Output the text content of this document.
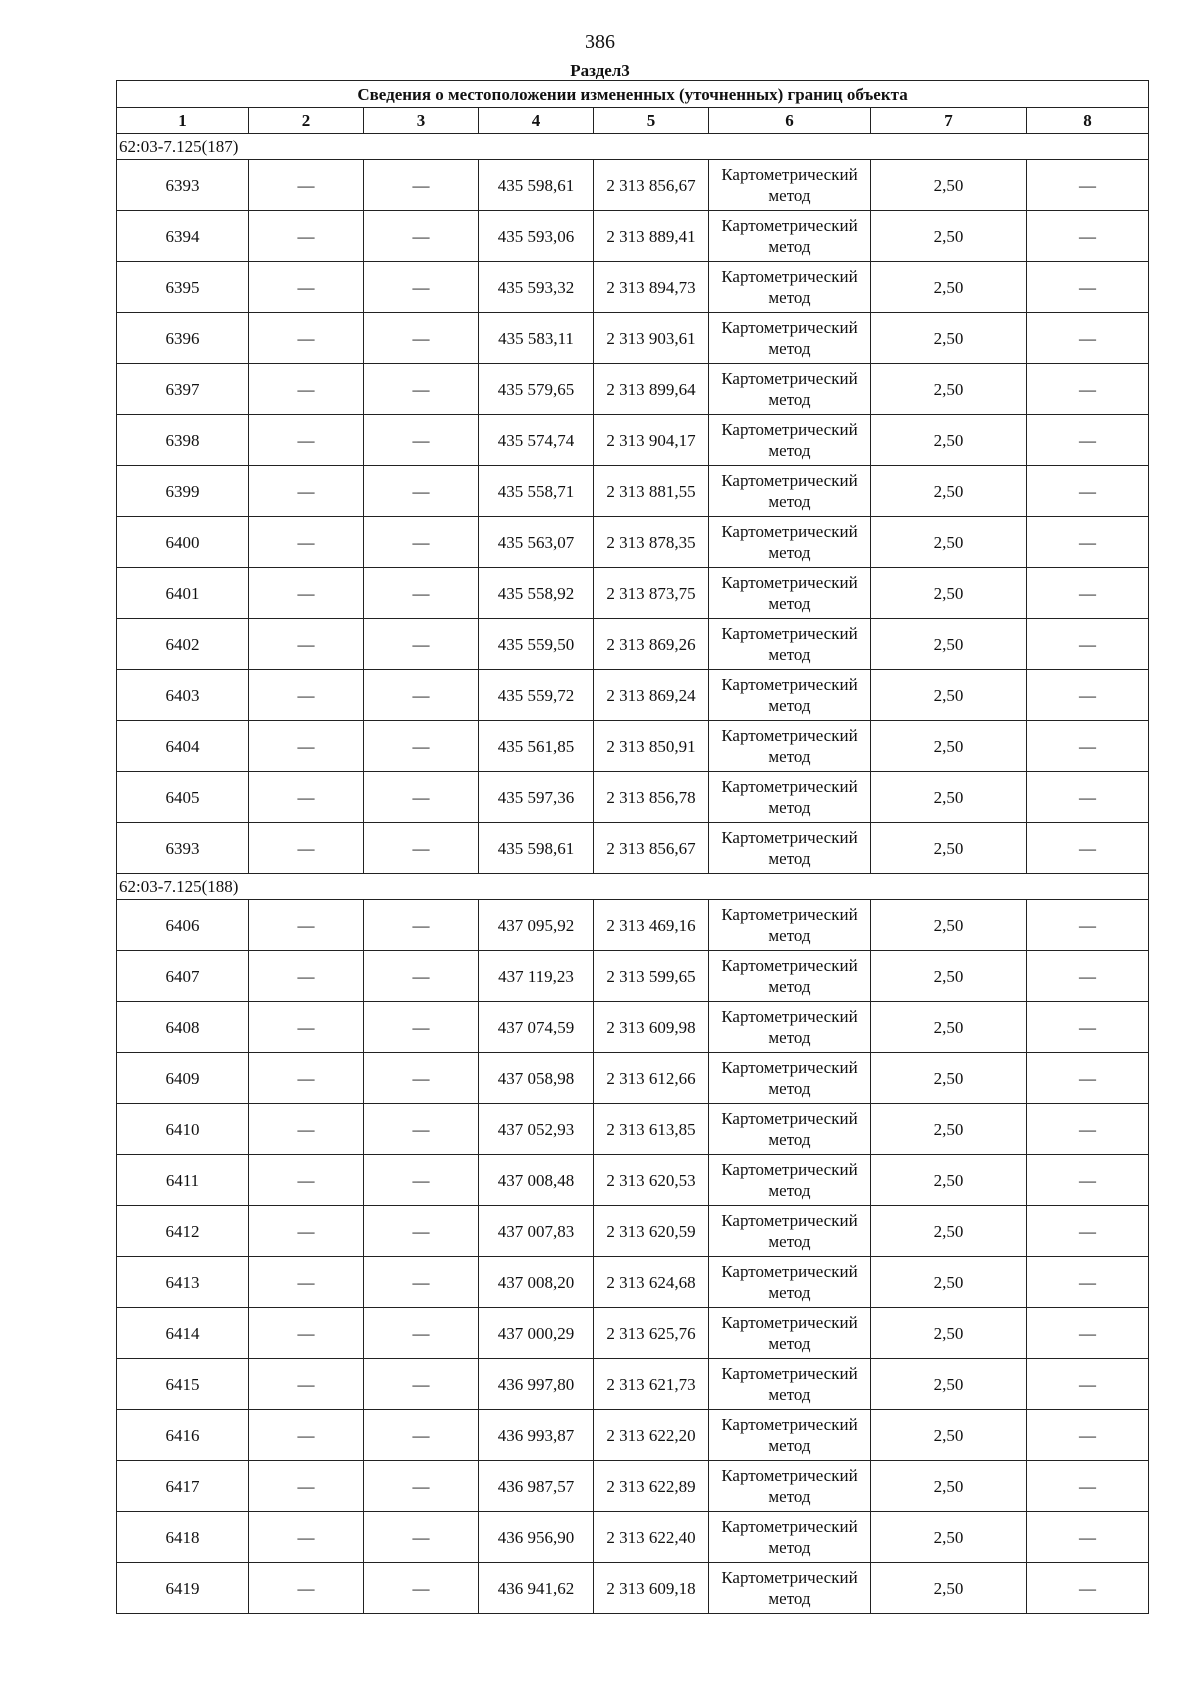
386
Раздел3
Сведения о местоположении измененных (уточненных) границ объекта							
1	2	3	4	5	6	7	8
62:03-7.125(187)							
6393	—	—	435 598,61	2 313 856,67	Картометрический метод	2,50	—
6394	—	—	435 593,06	2 313 889,41	Картометрический метод	2,50	—
6395	—	—	435 593,32	2 313 894,73	Картометрический метод	2,50	—
6396	—	—	435 583,11	2 313 903,61	Картометрический метод	2,50	—
6397	—	—	435 579,65	2 313 899,64	Картометрический метод	2,50	—
6398	—	—	435 574,74	2 313 904,17	Картометрический метод	2,50	—
6399	—	—	435 558,71	2 313 881,55	Картометрический метод	2,50	—
6400	—	—	435 563,07	2 313 878,35	Картометрический метод	2,50	—
6401	—	—	435 558,92	2 313 873,75	Картометрический метод	2,50	—
6402	—	—	435 559,50	2 313 869,26	Картометрический метод	2,50	—
6403	—	—	435 559,72	2 313 869,24	Картометрический метод	2,50	—
6404	—	—	435 561,85	2 313 850,91	Картометрический метод	2,50	—
6405	—	—	435 597,36	2 313 856,78	Картометрический метод	2,50	—
6393	—	—	435 598,61	2 313 856,67	Картометрический метод	2,50	—
62:03-7.125(188)							
6406	—	—	437 095,92	2 313 469,16	Картометрический метод	2,50	—
6407	—	—	437 119,23	2 313 599,65	Картометрический метод	2,50	—
6408	—	—	437 074,59	2 313 609,98	Картометрический метод	2,50	—
6409	—	—	437 058,98	2 313 612,66	Картометрический метод	2,50	—
6410	—	—	437 052,93	2 313 613,85	Картометрический метод	2,50	—
6411	—	—	437 008,48	2 313 620,53	Картометрический метод	2,50	—
6412	—	—	437 007,83	2 313 620,59	Картометрический метод	2,50	—
6413	—	—	437 008,20	2 313 624,68	Картометрический метод	2,50	—
6414	—	—	437 000,29	2 313 625,76	Картометрический метод	2,50	—
6415	—	—	436 997,80	2 313 621,73	Картометрический метод	2,50	—
6416	—	—	436 993,87	2 313 622,20	Картометрический метод	2,50	—
6417	—	—	436 987,57	2 313 622,89	Картометрический метод	2,50	—
6418	—	—	436 956,90	2 313 622,40	Картометрический метод	2,50	—
6419	—	—	436 941,62	2 313 609,18	Картометрический метод	2,50	—
